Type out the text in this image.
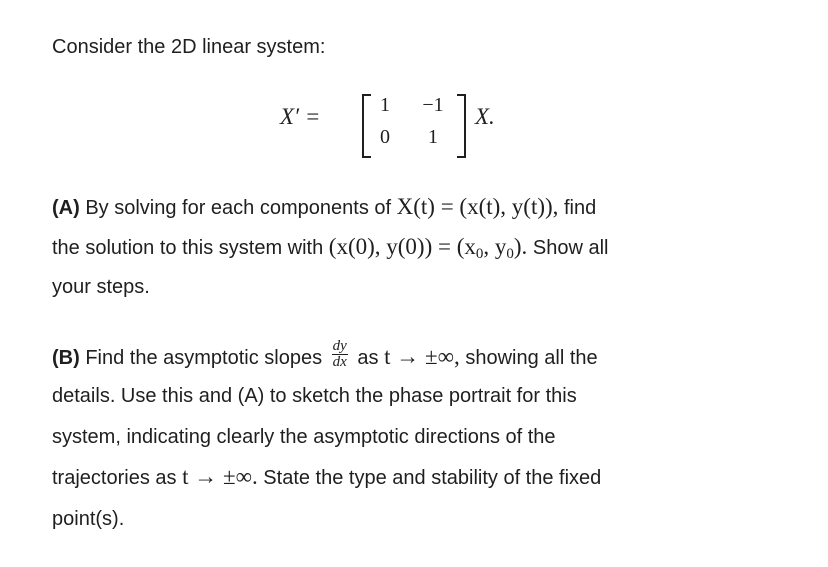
Consider the 2D linear system:
X′ =	1	−1
0	1
X.
(A) By solving for each components of X(t) = (x(t), y(t)), find
the solution to this system with (x(0), y(0)) = (x0, y0). Show all
your steps.
(B) Find the asymptotic slopes $\frac{dy}{dx}$ as t → ±∞, showing all the
details. Use this and (A) to sketch the phase portrait for this
system, indicating clearly the asymptotic directions of the
trajectories as t → ±∞. State the type and stability of the fixed
point(s).
